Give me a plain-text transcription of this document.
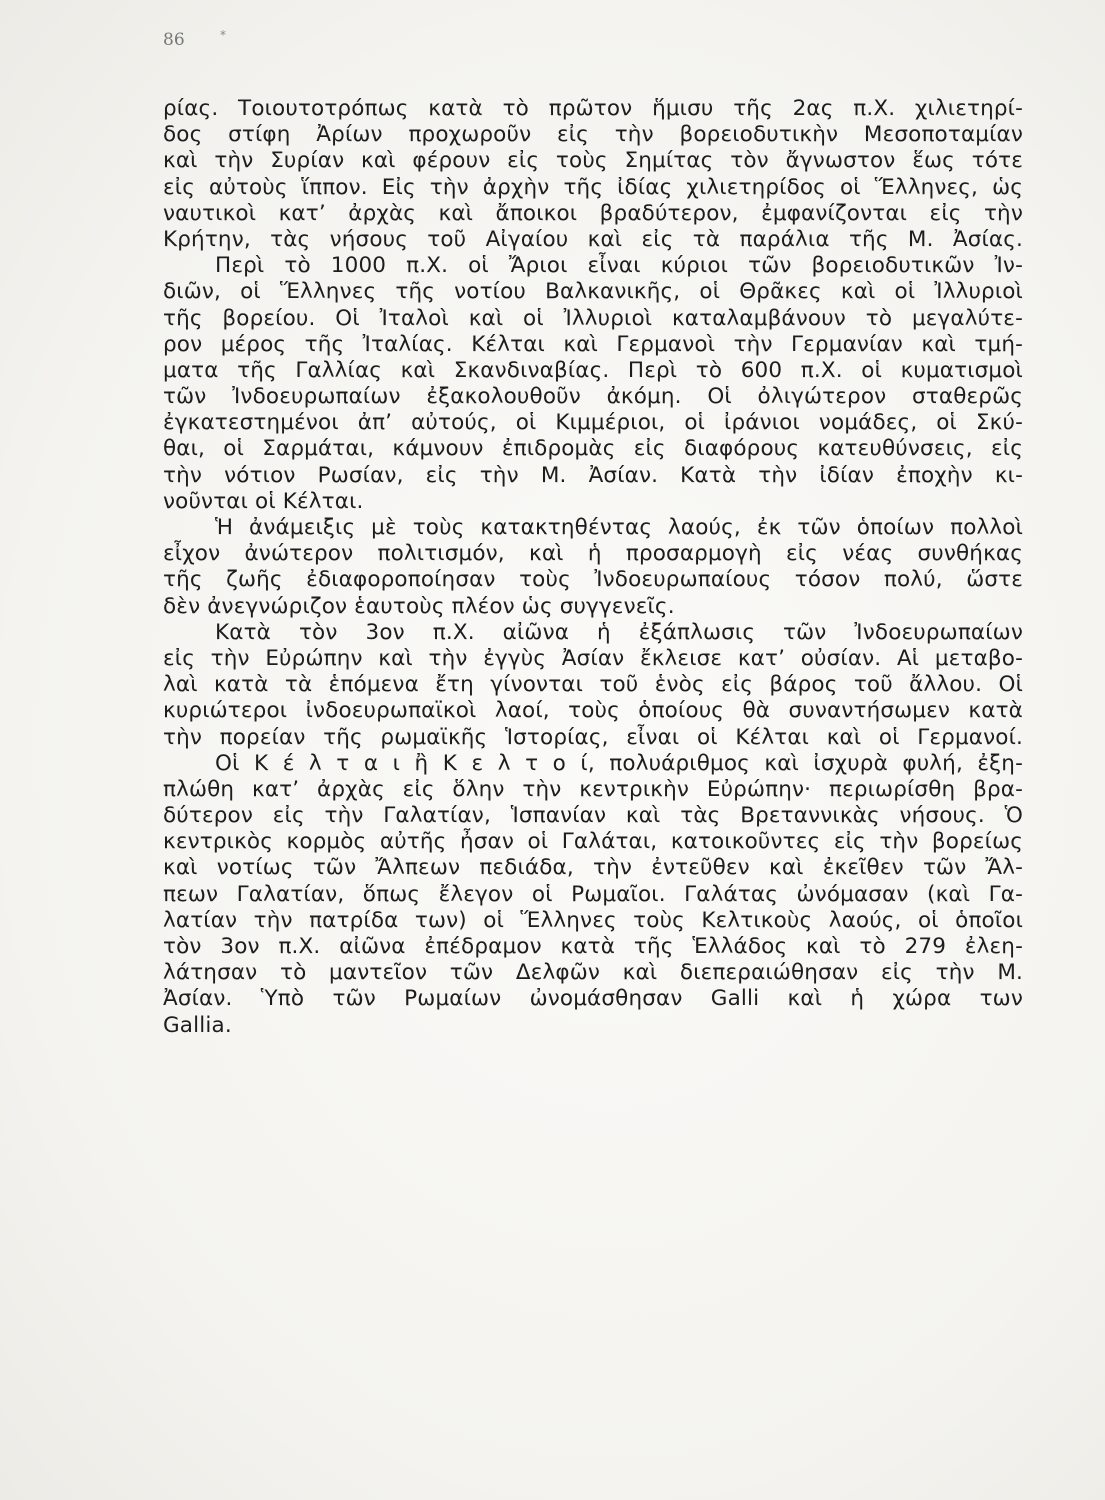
86	*
ρίας. Τοιουτοτρόπως κατὰ τὸ πρῶτον ἥμισυ τῆς 2ας π.Χ. χιλιετηρί-
δος στίφη Ἀρίων προχωροῦν εἰς τὴν βορειοδυτικὴν Μεσοποταμίαν
καὶ τὴν Συρίαν καὶ φέρουν εἰς τοὺς Σημίτας τὸν ἄγνωστον ἕως τότε
εἰς αὐτοὺς ἵππον. Εἰς τὴν ἀρχὴν τῆς ἰδίας χιλιετηρίδος οἱ Ἕλληνες, ὡς
ναυτικοὶ κατ’ ἀρχὰς καὶ ἄποικοι βραδύτερον, ἐμφανίζονται εἰς τὴν
Κρήτην, τὰς νήσους τοῦ Αἰγαίου καὶ εἰς τὰ παράλια τῆς Μ. Ἀσίας.
Περὶ τὸ 1000 π.Χ. οἱ Ἄριοι εἶναι κύριοι τῶν βορειοδυτικῶν Ἰν-
διῶν, οἱ Ἕλληνες τῆς νοτίου Βαλκανικῆς, οἱ Θρᾶκες καὶ οἱ Ἰλλυριοὶ
τῆς βορείου. Οἱ Ἰταλοὶ καὶ οἱ Ἰλλυριοὶ καταλαμβάνουν τὸ μεγαλύτε-
ρον μέρος τῆς Ἰταλίας. Κέλται καὶ Γερμανοὶ τὴν Γερμανίαν καὶ τμή-
ματα τῆς Γαλλίας καὶ Σκανδιναβίας. Περὶ τὸ 600 π.Χ. οἱ κυματισμοὶ
τῶν Ἰνδοευρωπαίων ἐξακολουθοῦν ἀκόμη. Οἱ ὀλιγώτερον σταθερῶς
ἐγκατεστημένοι ἀπ’ αὐτούς, οἱ Κιμμέριοι, οἱ ἰράνιοι νομάδες, οἱ Σκύ-
θαι, οἱ Σαρμάται, κάμνουν ἐπιδρομὰς εἰς διαφόρους κατευθύνσεις, εἰς
τὴν νότιον Ρωσίαν, εἰς τὴν Μ. Ἀσίαν. Κατὰ τὴν ἰδίαν ἐποχὴν κι-
νοῦνται οἱ Κέλται.
Ἡ ἀνάμειξις μὲ τοὺς κατακτηθέντας λαούς, ἐκ τῶν ὁποίων πολλοὶ
εἶχον ἀνώτερον πολιτισμόν, καὶ ἡ προσαρμογὴ εἰς νέας συνθήκας
τῆς ζωῆς ἐδιαφοροποίησαν τοὺς Ἰνδοευρωπαίους τόσον πολύ, ὥστε
δὲν ἀνεγνώριζον ἑαυτοὺς πλέον ὡς συγγενεῖς.
Κατὰ τὸν 3ον π.Χ. αἰῶνα ἡ ἐξάπλωσις τῶν Ἰνδοευρωπαίων
εἰς τὴν Εὐρώπην καὶ τὴν ἐγγὺς Ἀσίαν ἔκλεισε κατ’ οὐσίαν. Αἱ μεταβο-
λαὶ κατὰ τὰ ἑπόμενα ἔτη γίνονται τοῦ ἑνὸς εἰς βάρος τοῦ ἄλλου. Οἱ
κυριώτεροι ἰνδοευρωπαϊκοὶ λαοί, τοὺς ὁποίους θὰ συναντήσωμεν κατὰ
τὴν πορείαν τῆς ρωμαϊκῆς Ἱστορίας, εἶναι οἱ Κέλται καὶ οἱ Γερμανοί.
Οἱ Κ έ λ τ α ι ἢ Κ ε λ τ ο ί, πολυάριθμος καὶ ἰσχυρὰ φυλή, ἐξη-
πλώθη κατ’ ἀρχὰς εἰς ὅλην τὴν κεντρικὴν Εὐρώπην· περιωρίσθη βρα-
δύτερον εἰς τὴν Γαλατίαν, Ἱσπανίαν καὶ τὰς Βρεταννικὰς νήσους. Ὁ
κεντρικὸς κορμὸς αὐτῆς ἦσαν οἱ Γαλάται, κατοικοῦντες εἰς τὴν βορείως
καὶ νοτίως τῶν Ἄλπεων πεδιάδα, τὴν ἐντεῦθεν καὶ ἐκεῖθεν τῶν Ἄλ-
πεων Γαλατίαν, ὅπως ἔλεγον οἱ Ρωμαῖοι. Γαλάτας ὠνόμασαν (καὶ Γα-
λατίαν τὴν πατρίδα των) οἱ Ἕλληνες τοὺς Κελτικοὺς λαούς, οἱ ὁποῖοι
τὸν 3ον π.Χ. αἰῶνα ἐπέδραμον κατὰ τῆς Ἑλλάδος καὶ τὸ 279 ἐλεη-
λάτησαν τὸ μαντεῖον τῶν Δελφῶν καὶ διεπεραιώθησαν εἰς τὴν Μ.
Ἀσίαν. Ὑπὸ τῶν Ρωμαίων ὠνομάσθησαν Galli καὶ ἡ χώρα των
Gallia.
